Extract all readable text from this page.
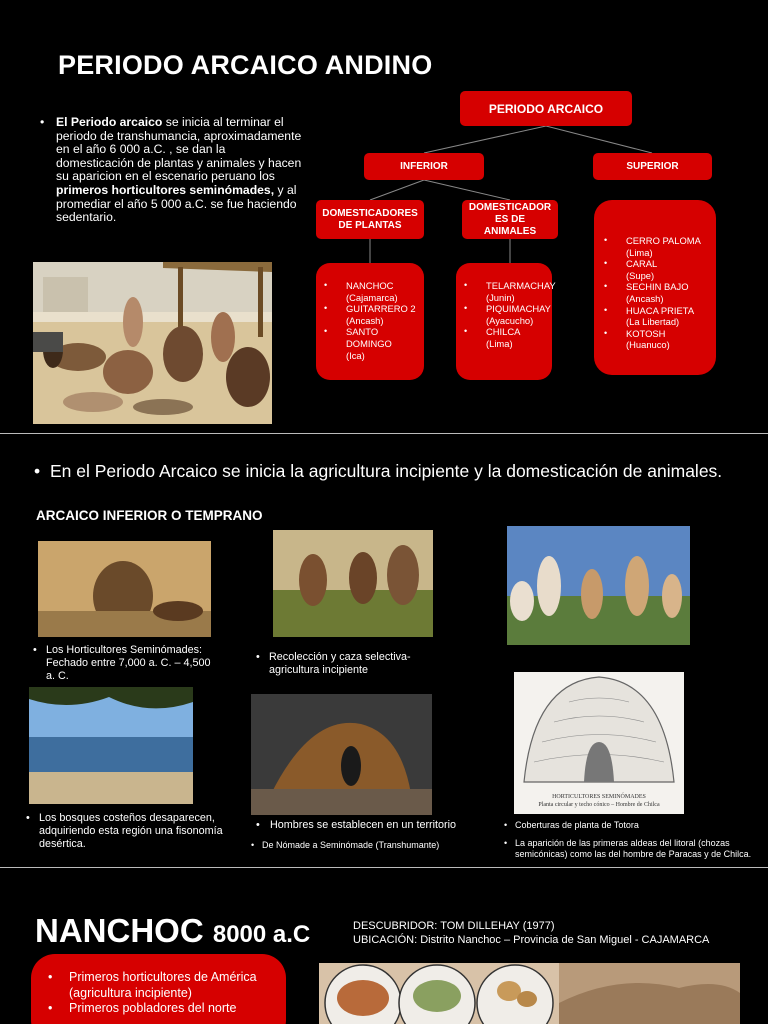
PERIODO ARCAICO ANDINO
• El Periodo arcaico se inicia al terminar el periodo de transhumancia, aproximadamente en el año 6 000 a.C. , se dan la domesticación de plantas y animales y hacen su aparicion en el escenario peruano los primeros horticultores seminómades, y al promediar el año 5 000 a.C. se fue haciendo sedentario.

PERIODO ARCAICO
INFERIOR	SUPERIOR
DOMESTICADORES DE PLANTAS
DOMESTICADOR ES DE ANIMALES
• NANCHOC
(Cajamarca)
• GUITARRERO 2
(Ancash)
• SANTO DOMINGO
(Ica)
• TELARMACHAY
(Junin)
• PIQUIMACHAY
(Ayacucho)
• CHILCA
(Lima)
• CERRO PALOMA
(Lima)
• CARAL
(Supe)
• SECHIN BAJO
(Ancash)
• HUACA PRIETA
(La Libertad)
• KOTOSH
(Huanuco)
• En el Periodo Arcaico se inicia la agricultura incipiente y la domesticación de animales.

ARCAICO INFERIOR O TEMPRANO
HORTICULTORES SEMINÓMADES
Planta circular y techo cónico – Hombre de Chilca
• Los Horticultores Seminómades: Fechado entre 7,000 a. C. – 4,500 a. C.

• Recolección y caza selectiva-agricultura incipiente

• Los bosques costeños desaparecen, adquiriendo esta región una fisonomía desértica.

• Hombres se establecen en un territorio

• De Nómade a Seminómade (Transhumante)

• Coberturas de planta de Totora

• La aparición de las primeras aldeas del litoral (chozas semicónicas) como las del hombre de Paracas y de Chilca.

NANCHOC 8000 a.C	DESCUBRIDOR: TOM DILLEHAY (1977)
UBICACIÓN: Distrito Nanchoc – Provincia de San Miguel - CAJAMARCA
• Primeros horticultores de América (agricultura incipiente)
• Primeros pobladores del norte
